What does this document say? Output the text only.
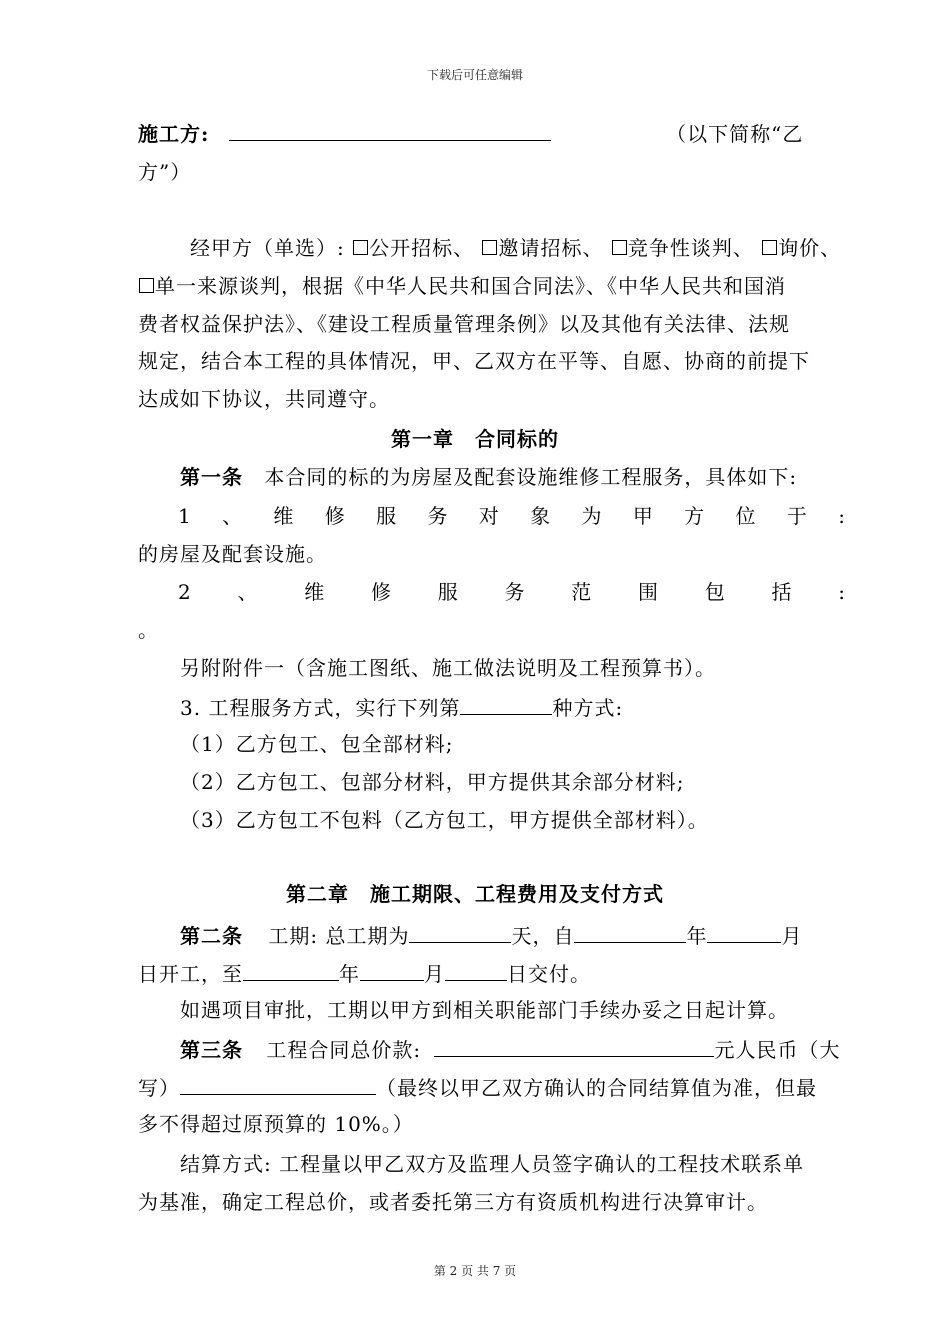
下载后可任意编辑
施工方:	（以下简称“乙
方”）
经甲方（单选）: 公开招标、 邀请招标、 竞争性谈判、 询价、
单一来源谈判，根据《中华人民共和国合同法》、《中华人民共和国消
费者权益保护法》、《建设工程质量管理条例》以及其他有关法律、法规
规定，结合本工程的具体情况，甲、乙双方在平等、自愿、协商的前提下
达成如下协议，共同遵守。
第一章　合同标的
第一条 本合同的标的为房屋及配套设施维修工程服务，具体如下:
1 、 维 修 服 务 对 象 为 甲 方 位 于 :
的房屋及配套设施。
2 、 维 修 服 务 范 围 包 括 :
。
另附附件一（含施工图纸、施工做法说明及工程预算书）。
3. 工程服务方式，实行下列第	种方式:
（1）乙方包工、包全部材料;
（2）乙方包工、包部分材料，甲方提供其余部分材料;
（3）乙方包工不包料（乙方包工，甲方提供全部材料）。
第二章　施工期限、工程费用及支付方式
第二条 工期: 总工期为	天，自	年	月
日开工，至	年	月	日交付。
如遇项目审批，工期以甲方到相关职能部门手续办妥之日起计算。
第三条 工程合同总价款:	元人民币（大
写）	（最终以甲乙双方确认的合同结算值为准，但最
多不得超过原预算的 10%。）
结算方式: 工程量以甲乙双方及监理人员签字确认的工程技术联系单
为基准，确定工程总价，或者委托第三方有资质机构进行决算审计。
第 2 页 共 7 页
